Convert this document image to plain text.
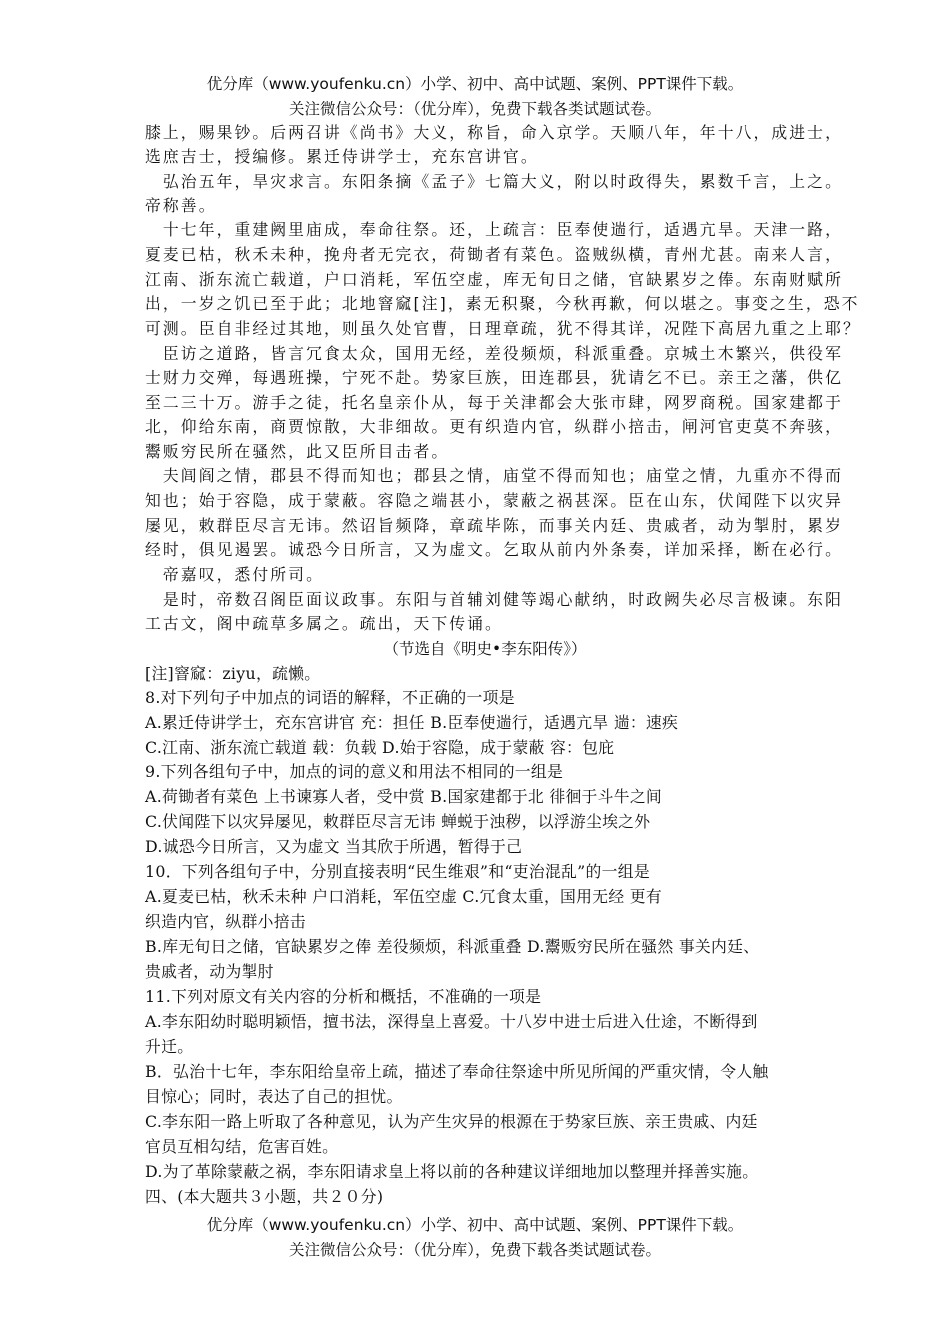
优分库（www.youfenku.cn）小学、初中、高中试题、案例、PPT课件下载。
关注微信公众号：（优分库），免费下载各类试题试卷。
膝上，赐果钞。后两召讲《尚书》大义，称旨，命入京学。天顺八年，年十八，成进士，
选庶吉士，授编修。累迁侍讲学士，充东宫讲官。
　弘治五年，旱灾求言。东阳条摘《孟子》七篇大义，附以时政得失，累数千言，上之。
帝称善。
　十七年，重建阙里庙成，奉命往祭。还，上疏言：臣奉使遄行，适遇亢旱。天津一路，
夏麦已枯，秋禾未种，挽舟者无完衣，荷锄者有菜色。盗贼纵横，青州尤甚。南来人言，
江南、浙东流亡载道，户口消耗，军伍空虚，库无旬日之储，官缺累岁之俸。东南财赋所
出，一岁之饥已至于此；北地窨窳[注]，素无积聚，今秋再歉，何以堪之。事变之生，恐不
可测。臣自非经过其地，则虽久处官曹，日理章疏，犹不得其详，况陛下高居九重之上耶？
　臣访之道路，皆言冗食太众，国用无经，差役频烦，科派重叠。京城土木繁兴，供役军
士财力交殚，每遇班操，宁死不赴。势家巨族，田连郡县，犹请乞不已。亲王之藩，供亿
至二三十万。游手之徒，托名皇亲仆从，每于关津都会大张市肆，网罗商税。国家建都于
北，仰给东南，商贾惊散，大非细故。更有织造内官，纵群小掊击，闸河官吏莫不奔骇，
鬻贩穷民所在骚然，此又臣所目击者。
　夫闾阎之情，郡县不得而知也；郡县之情，庙堂不得而知也；庙堂之情，九重亦不得而
知也；始于容隐，成于蒙蔽。容隐之端甚小，蒙蔽之祸甚深。臣在山东，伏闻陛下以灾异
屡见，敕群臣尽言无讳。然诏旨频降，章疏毕陈，而事关内廷、贵戚者，动为掣肘，累岁
经时，俱见遏罢。诚恐今日所言，又为虚文。乞取从前内外条奏，详加采择，断在必行。
　帝嘉叹，悉付所司。
　是时，帝数召阁臣面议政事。东阳与首辅刘健等竭心献纳，时政阙失必尽言极谏。东阳
工古文，阁中疏草多属之。疏出，天下传诵。
（节选自《明史•李东阳传》）
[注]窨窳：ziyu，疏懒。
8.对下列句子中加点的词语的解释，不正确的一项是
A.累迁侍讲学士，充东宫讲官 充：担任 B.臣奉使遄行，适遇亢旱 遄：速疾
C.江南、浙东流亡载道 载：负载 D.始于容隐，成于蒙蔽 容：包庇
9.下列各组句子中，加点的词的意义和用法不相同的一组是
A.荷锄者有菜色 上书谏寡人者，受中赏 B.国家建都于北 徘徊于斗牛之间
C.伏闻陛下以灾异屡见，敕群臣尽言无讳 蝉蜕于浊秽，以浮游尘埃之外
D.诚恐今日所言，又为虚文 当其欣于所遇，暂得于己
10．下列各组句子中，分别直接表明“民生维艰”和“吏治混乱”的一组是
A.夏麦已枯，秋禾未种 户口消耗，军伍空虚 C.冗食太重，国用无经 更有
织造内官，纵群小掊击
B.库无旬日之储，官缺累岁之俸 差役频烦，科派重叠 D.鬻贩穷民所在骚然 事关内廷、
贵戚者，动为掣肘
11.下列对原文有关内容的分析和概括，不准确的一项是
A.李东阳幼时聪明颖悟，擅书法，深得皇上喜爱。十八岁中进士后进入仕途，不断得到
升迁。
B．弘治十七年，李东阳给皇帝上疏，描述了奉命往祭途中所见所闻的严重灾情，令人触
目惊心；同时，表达了自己的担忧。
C.李东阳一路上听取了各种意见，认为产生灾异的根源在于势家巨族、亲王贵戚、内廷
官员互相勾结，危害百姓。
D.为了革除蒙蔽之祸，李东阳请求皇上将以前的各种建议详细地加以整理并择善实施。
四、(本大题共３小题，共２０分)
优分库（www.youfenku.cn）小学、初中、高中试题、案例、PPT课件下载。
关注微信公众号：（优分库），免费下载各类试题试卷。
